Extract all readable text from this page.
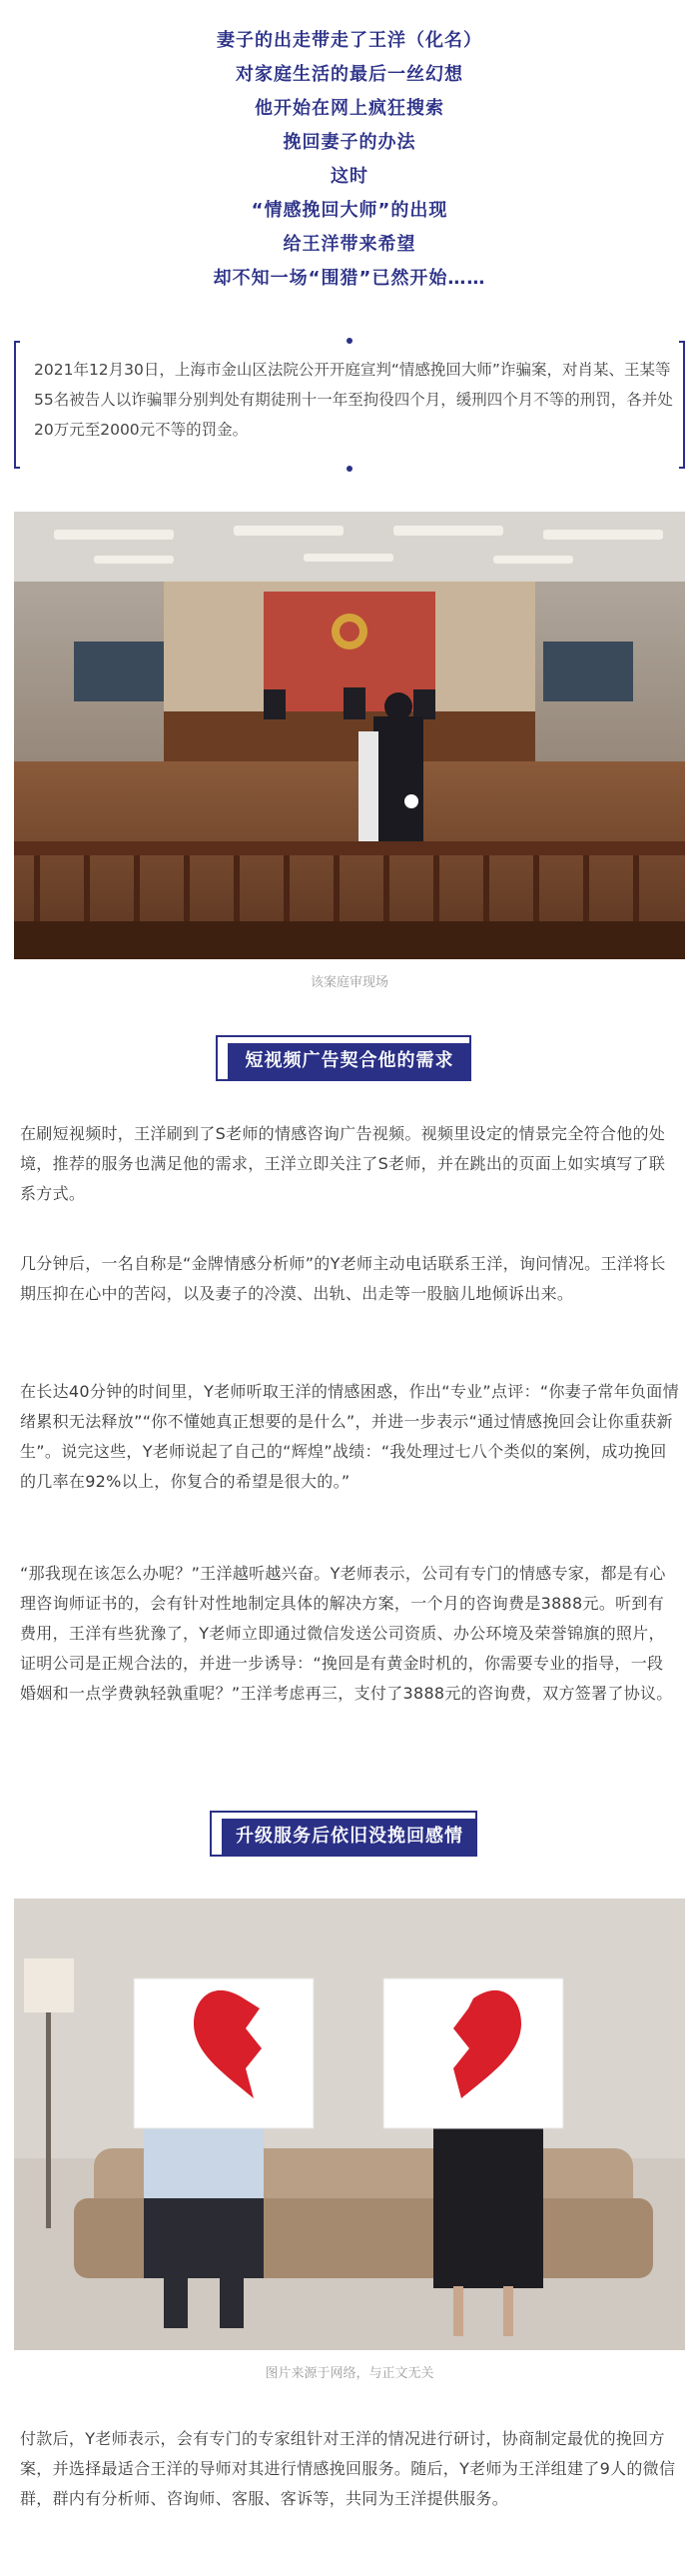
妻子的出走带走了王洋（化名）
对家庭生活的最后一丝幻想
他开始在网上疯狂搜索
挽回妻子的办法
这时
“情感挽回大师”的出现
给王洋带来希望
却不知一场“围猎”已然开始……
2021年12月30日，上海市金山区法院公开开庭宣判“情感挽回大师”诈骗案，对肖某、王某等55名被告人以诈骗罪分别判处有期徒刑十一年至拘役四个月，缓刑四个月不等的刑罚，各并处20万元至2000元不等的罚金。
该案庭审现场
短视频广告契合他的需求
在刷短视频时，王洋刷到了S老师的情感咨询广告视频。视频里设定的情景完全符合他的处境，推荐的服务也满足他的需求，王洋立即关注了S老师，并在跳出的页面上如实填写了联系方式。
几分钟后，一名自称是“金牌情感分析师”的Y老师主动电话联系王洋，询问情况。王洋将长期压抑在心中的苦闷，以及妻子的冷漠、出轨、出走等一股脑儿地倾诉出来。
在长达40分钟的时间里，Y老师听取王洋的情感困惑，作出“专业”点评：“你妻子常年负面情绪累积无法释放”“你不懂她真正想要的是什么”，并进一步表示“通过情感挽回会让你重获新生”。说完这些，Y老师说起了自己的“辉煌”战绩：“我处理过七八个类似的案例，成功挽回的几率在92%以上，你复合的希望是很大的。”
“那我现在该怎么办呢？”王洋越听越兴奋。Y老师表示，公司有专门的情感专家，都是有心理咨询师证书的，会有针对性地制定具体的解决方案，一个月的咨询费是3888元。听到有费用，王洋有些犹豫了，Y老师立即通过微信发送公司资质、办公环境及荣誉锦旗的照片，证明公司是正规合法的，并进一步诱导：“挽回是有黄金时机的，你需要专业的指导，一段婚姻和一点学费孰轻孰重呢？”王洋考虑再三，支付了3888元的咨询费，双方签署了协议。
升级服务后依旧没挽回感情
图片来源于网络，与正文无关
付款后，Y老师表示，会有专门的专家组针对王洋的情况进行研讨，协商制定最优的挽回方案，并选择最适合王洋的导师对其进行情感挽回服务。随后，Y老师为王洋组建了9人的微信群，群内有分析师、咨询师、客服、客诉等，共同为王洋提供服务。
